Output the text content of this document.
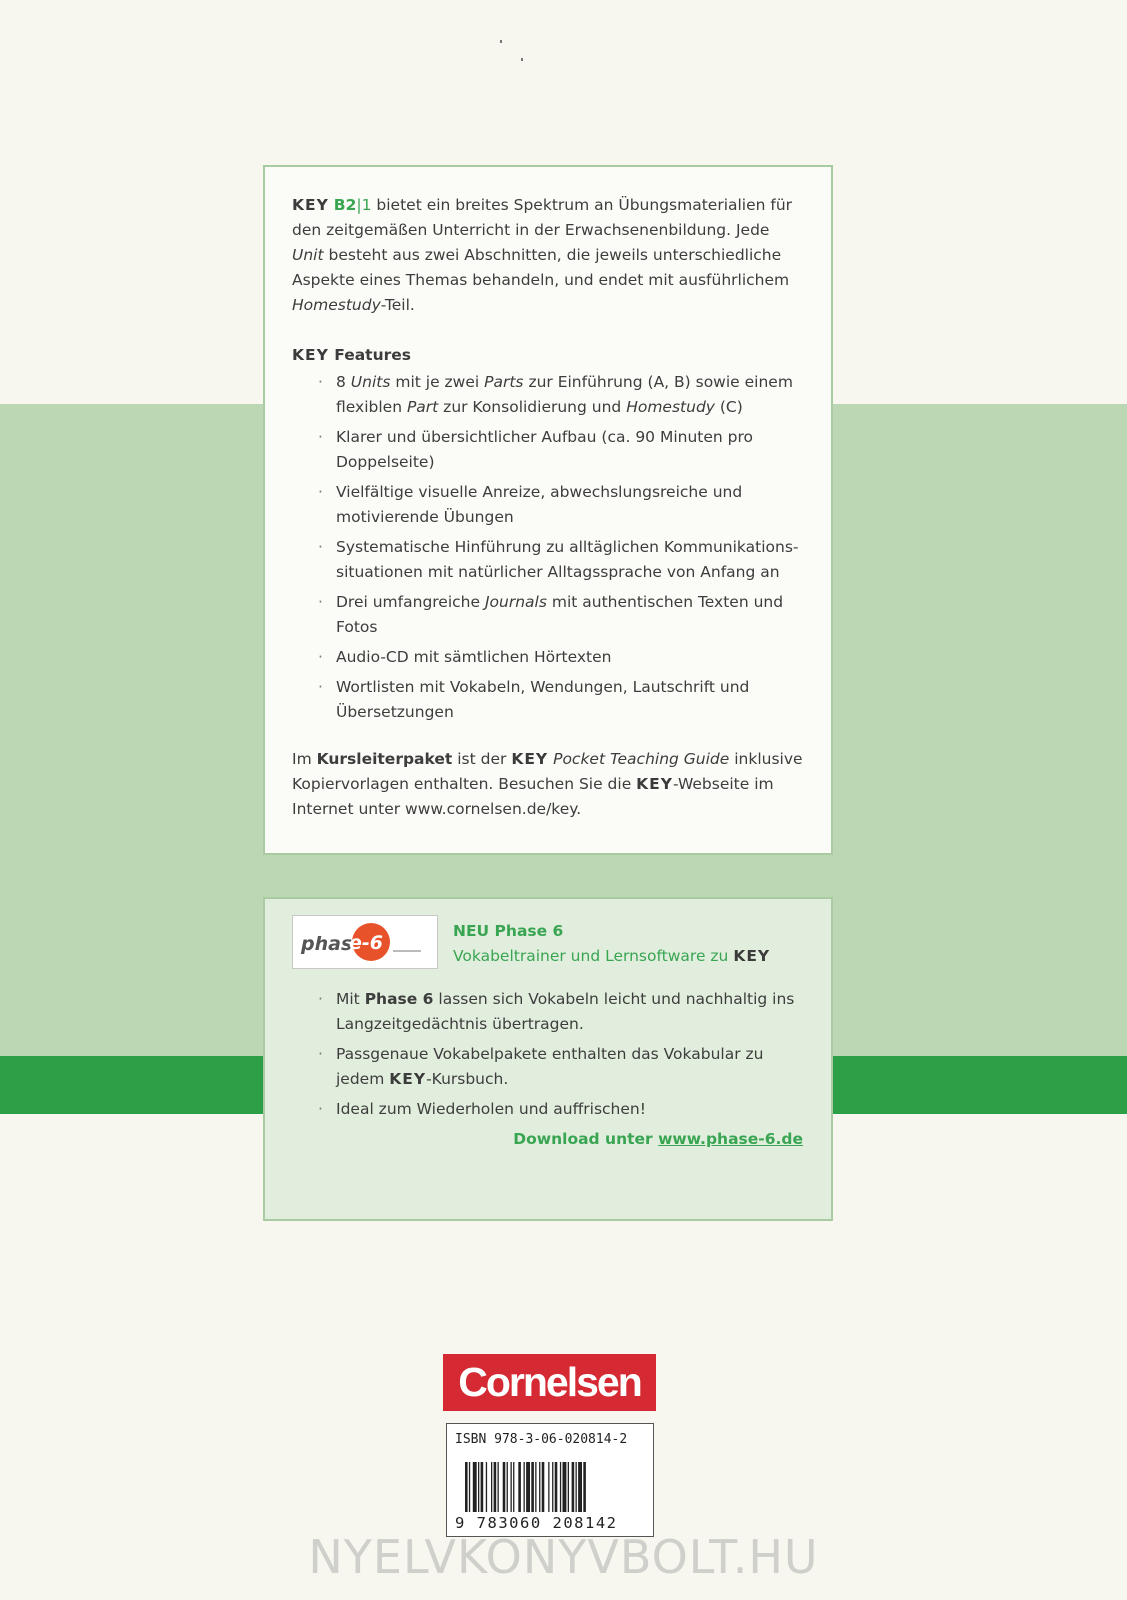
KEY B2|1 bietet ein breites Spektrum an Übungsmaterialien für den zeitgemäßen Unterricht in der Erwachsenenbildung. Jede Unit besteht aus zwei Abschnitten, die jeweils unterschiedliche Aspekte eines Themas behandeln, und endet mit ausführlichem Homestudy-Teil.

KEY Features

· 8 Units mit je zwei Parts zur Einführung (A, B) sowie einem flexiblen Part zur Konsolidierung und Homestudy (C)
· Klarer und übersichtlicher Aufbau (ca. 90 Minuten pro Doppelseite)
· Vielfältige visuelle Anreize, abwechslungsreiche und motivierende Übungen
· Systematische Hinführung zu alltäglichen Kommunikationssituationen mit natürlicher Alltagssprache von Anfang an
· Drei umfangreiche Journals mit authentischen Texten und Fotos
· Audio-CD mit sämtlichen Hörtexten
· Wortlisten mit Vokabeln, Wendungen, Lautschrift und Übersetzungen

Im Kursleiterpaket ist der KEY Pocket Teaching Guide inklusive Kopiervorlagen enthalten. Besuchen Sie die KEY-Webseite im Internet unter www.cornelsen.de/key.

phas
e-6
NEU Phase 6
Vokabeltrainer und Lernsoftware zu KEY
· Mit Phase 6 lassen sich Vokabeln leicht und nachhaltig ins Langzeitgedächtnis übertragen.
· Passgenaue Vokabelpakete enthalten das Vokabular zu jedem KEY-Kursbuch.
· Ideal zum Wiederholen und auffrischen!
Download unter www.phase-6.de
Cornelsen
ISBN 978-3-06-020814-2
9 783060 208142
NYELVKONYVBOLT.HU
